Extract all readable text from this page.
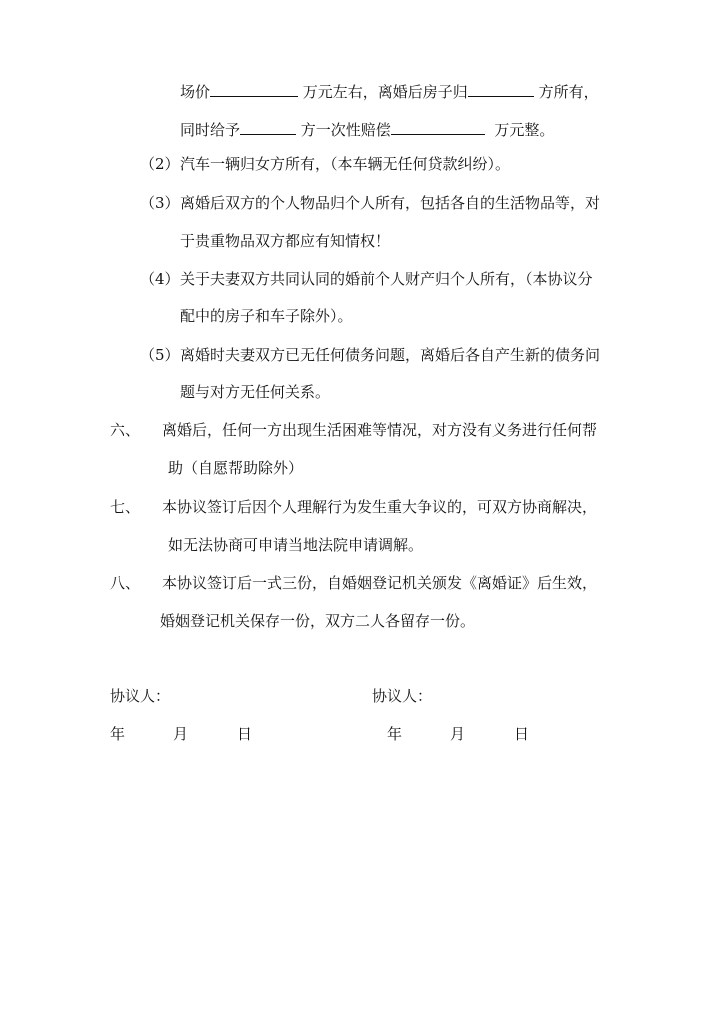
场价	万元左右，离婚后房子归	方所有，
同时给予	方一次性赔偿	万元整。
（2） 汽车一辆归女方所有，（本车辆无任何贷款纠纷）。
（3） 离婚后双方的个人物品归个人所有，包括各自的生活物品等，对
于贵重物品双方都应有知情权！
（4） 关于夫妻双方共同认同的婚前个人财产归个人所有，（本协议分
配中的房子和车子除外）。
（5） 离婚时夫妻双方已无任何债务问题，离婚后各自产生新的债务问
题与对方无任何关系。
六、 离婚后，任何一方出现生活困难等情况，对方没有义务进行任何帮
助（自愿帮助除外）
七、 本协议签订后因个人理解行为发生重大争议的，可双方协商解决，
如无法协商可申请当地法院申请调解。
八、 本协议签订后一式三份，自婚姻登记机关颁发《离婚证》后生效，
婚姻登记机关保存一份，双方二人各留存一份。
协议人：	协议人：
年	月	日	年	月	日
